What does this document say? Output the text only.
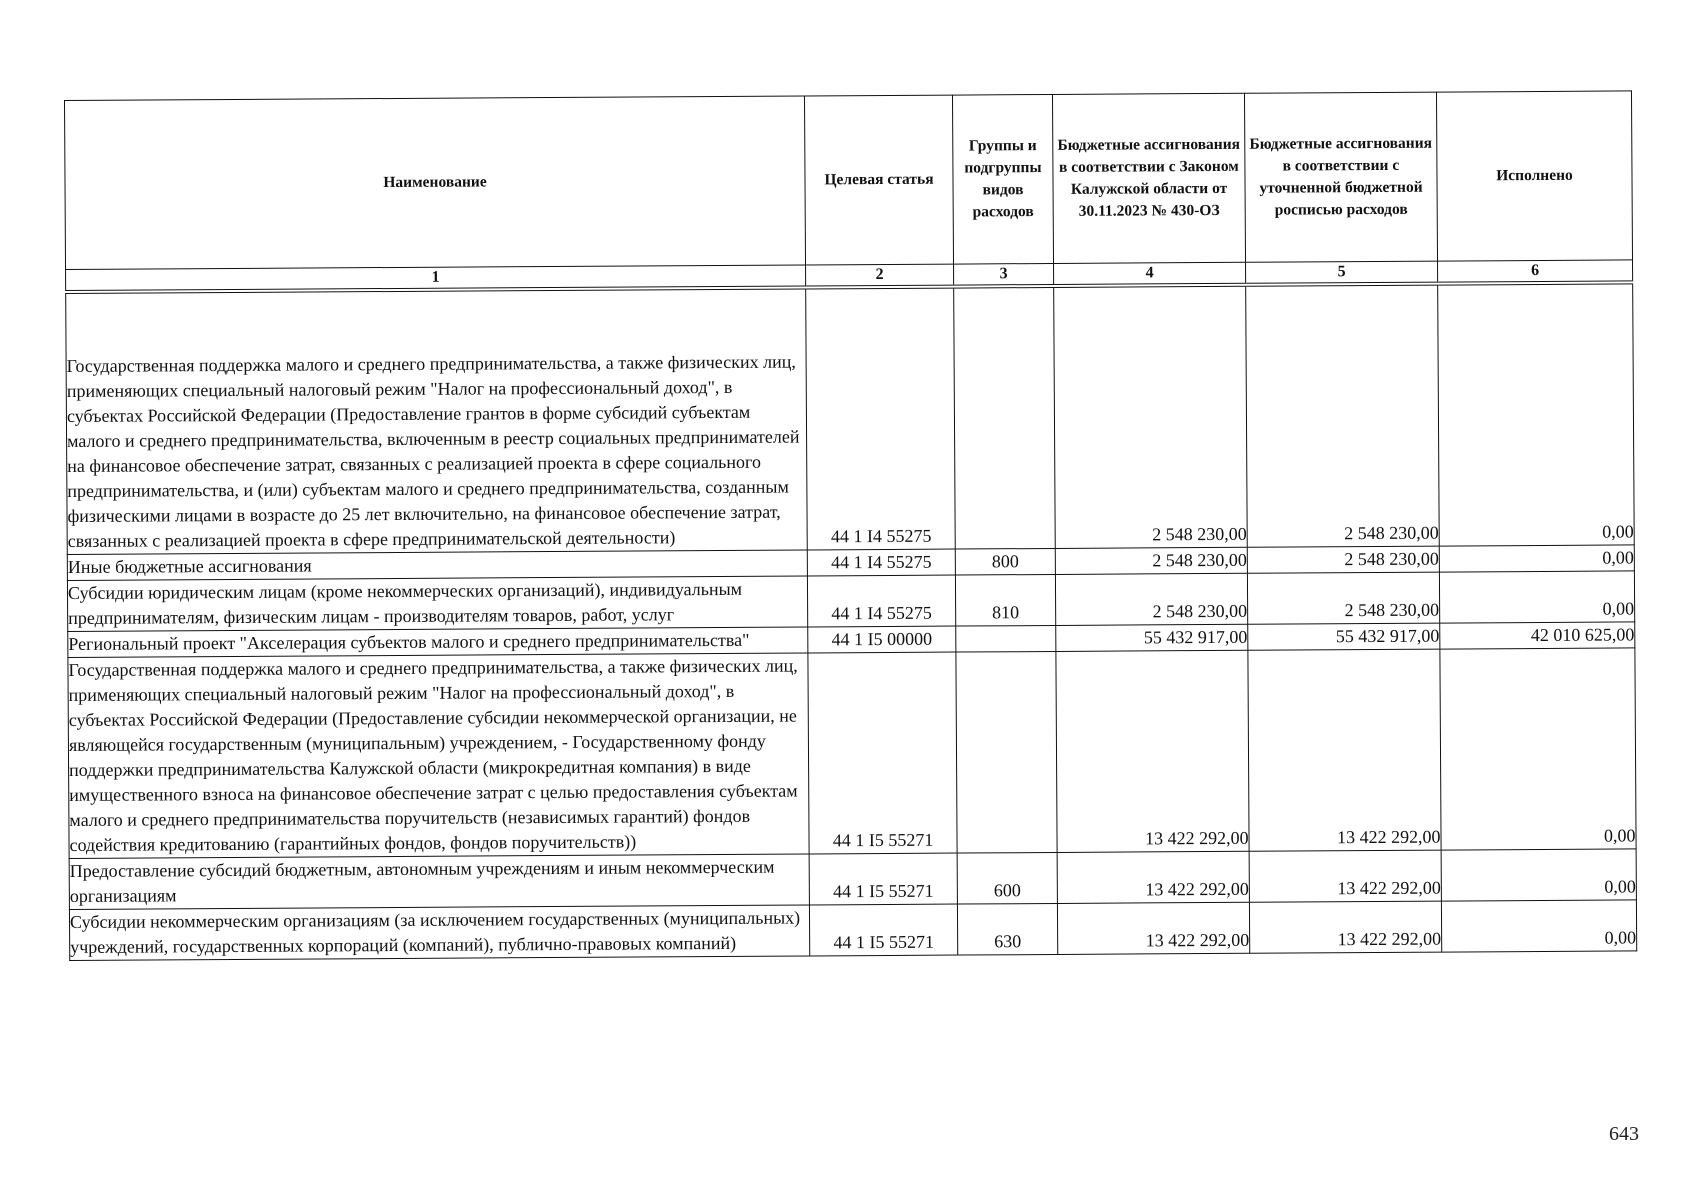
Наименование	Целевая статья	Группы и подгруппы видов расходов	Бюджетные ассигнования в соответствии с Законом Калужской области от 30.11.2023 № 430-ОЗ	Бюджетные ассигнования в соответствии с уточненной бюджетной росписью расходов	Исполнено
1	2	3	4	5	6
Государственная поддержка малого и среднего предпринимательства, а также физических лиц, применяющих специальный налоговый режим "Налог на профессиональный доход", в субъектах Российской Федерации (Предоставление грантов в форме субсидий субъектам малого и среднего предпринимательства, включенным в реестр социальных предпринимателей на финансовое обеспечение затрат, связанных с реализацией проекта в сфере социального предпринимательства, и (или) субъектам малого и среднего предпринимательства, созданным физическими лицами в возрасте до 25 лет включительно, на финансовое обеспечение затрат, связанных с реализацией проекта в сфере предпринимательской деятельности)	44 1 I4 55275		2 548 230,00	2 548 230,00	0,00
Иные бюджетные ассигнования	44 1 I4 55275	800	2 548 230,00	2 548 230,00	0,00
Субсидии юридическим лицам (кроме некоммерческих организаций), индивидуальным предпринимателям, физическим лицам - производителям товаров, работ, услуг	44 1 I4 55275	810	2 548 230,00	2 548 230,00	0,00
Региональный проект "Акселерация субъектов малого и среднего предпринимательства"	44 1 I5 00000		55 432 917,00	55 432 917,00	42 010 625,00
Государственная поддержка малого и среднего предпринимательства, а также физических лиц, применяющих специальный налоговый режим "Налог на профессиональный доход", в субъектах Российской Федерации (Предоставление субсидии некоммерческой организации, не являющейся государственным (муниципальным) учреждением, - Государственному фонду поддержки предпринимательства Калужской области (микрокредитная компания) в виде имущественного взноса на финансовое обеспечение затрат с целью предоставления субъектам малого и среднего предпринимательства поручительств (независимых гарантий) фондов содействия кредитованию (гарантийных фондов, фондов поручительств))	44 1 I5 55271		13 422 292,00	13 422 292,00	0,00
Предоставление субсидий бюджетным, автономным учреждениям и иным некоммерческим организациям	44 1 I5 55271	600	13 422 292,00	13 422 292,00	0,00
Субсидии некоммерческим организациям (за исключением государственных (муниципальных) учреждений, государственных корпораций (компаний), публично-правовых компаний)	44 1 I5 55271	630	13 422 292,00	13 422 292,00	0,00
643
